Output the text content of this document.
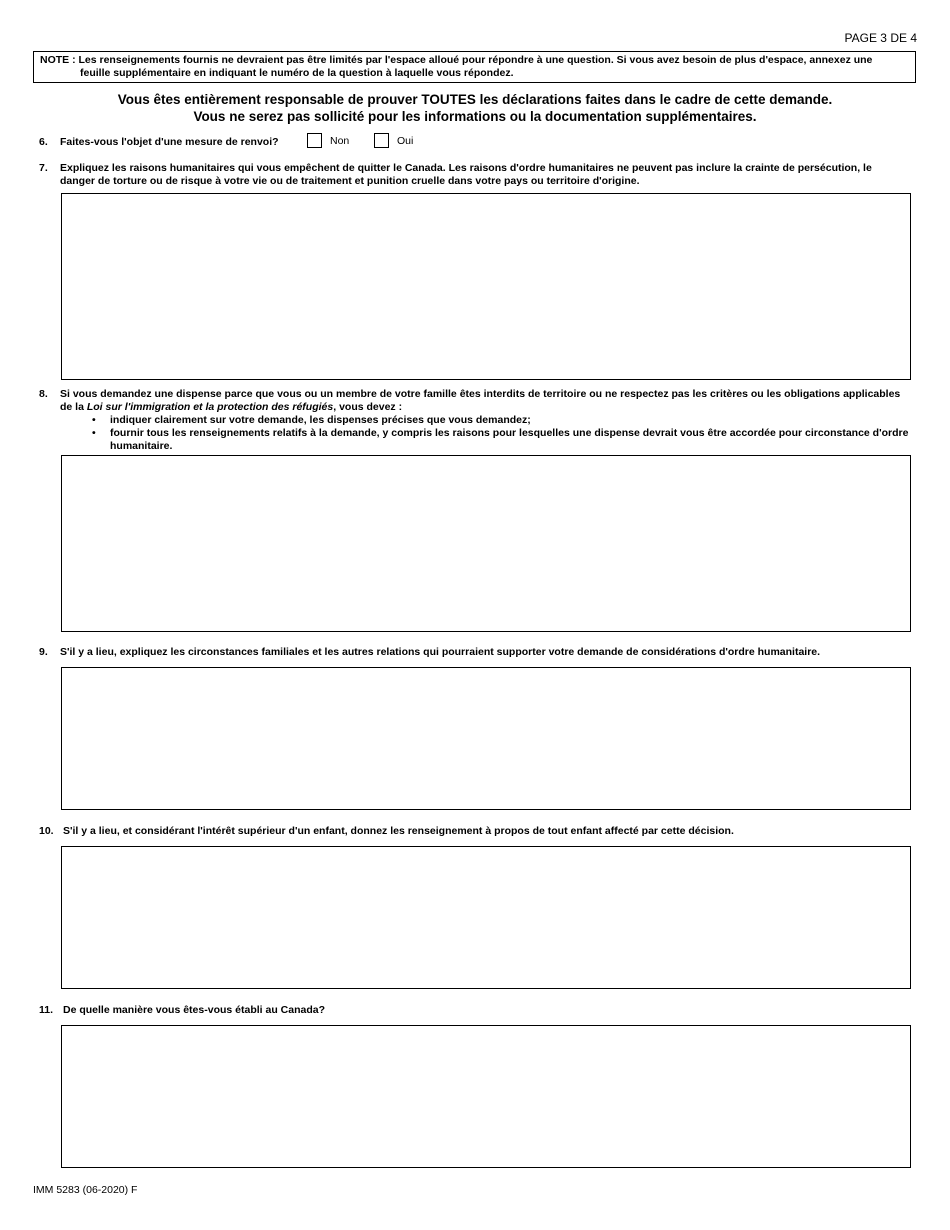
PAGE 3 DE 4
NOTE : Les renseignements fournis ne devraient pas être limités par l'espace alloué pour répondre à une question. Si vous avez besoin de plus d'espace, annexez une
feuille supplémentaire en indiquant le numéro de la question à laquelle vous répondez.
Vous êtes entièrement responsable de prouver TOUTES les déclarations faites dans le cadre de cette demande.
Vous ne serez pas sollicité pour les informations ou la documentation supplémentaires.
6. Faites-vous l'objet d'une mesure de renvoi?	Non	Oui
7. Expliquez les raisons humanitaires qui vous empêchent de quitter le Canada. Les raisons d'ordre humanitaires ne peuvent pas inclure la crainte de persécution, le danger de torture ou de risque à votre vie ou de traitement et punition cruelle dans votre pays ou territoire d'origine.
8. Si vous demandez une dispense parce que vous ou un membre de votre famille êtes interdits de territoire ou ne respectez pas les critères ou les obligations applicables de la Loi sur l'immigration et la protection des réfugiés, vous devez :
• indiquer clairement sur votre demande, les dispenses précises que vous demandez;
• fournir tous les renseignements relatifs à la demande, y compris les raisons pour lesquelles une dispense devrait vous être accordée pour circonstance d'ordre humanitaire.
9. S'il y a lieu, expliquez les circonstances familiales et les autres relations qui pourraient supporter votre demande de considérations d'ordre humanitaire.
10. S'il y a lieu, et considérant l'intérêt supérieur d'un enfant, donnez les renseignement à propos de tout enfant affecté par cette décision.
11. De quelle manière vous êtes-vous établi au Canada?
IMM 5283 (06-2020) F
